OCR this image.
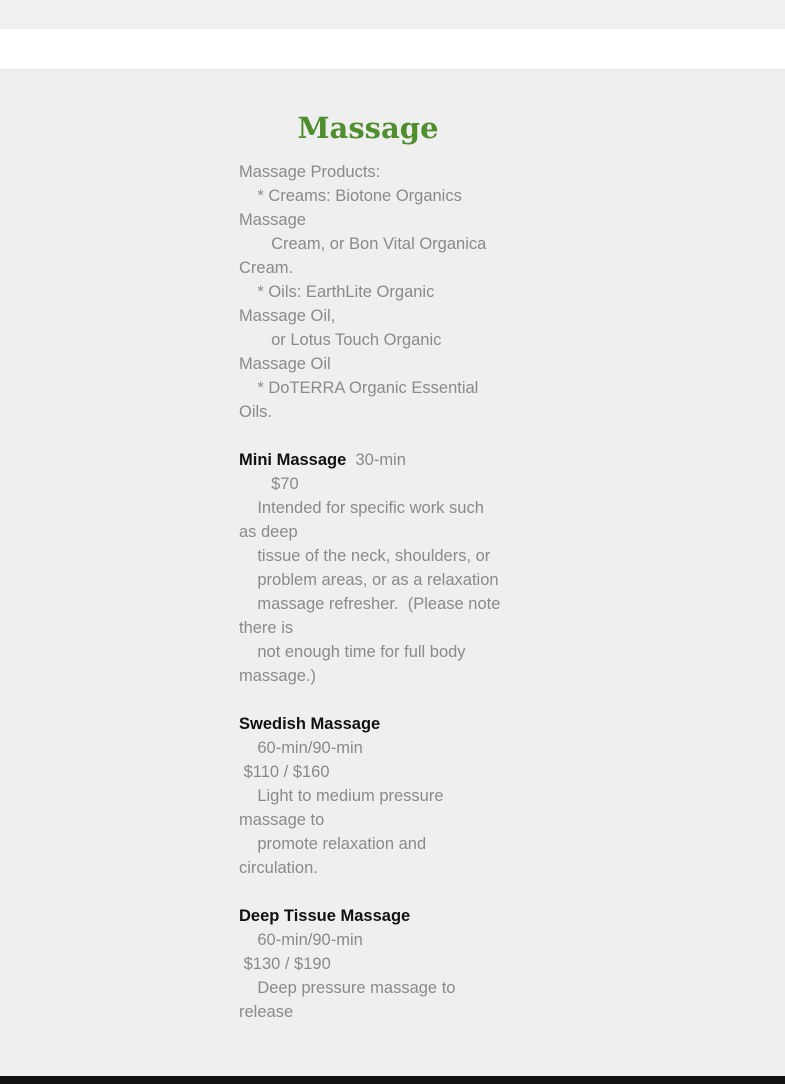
Massage
Massage Products:
* Creams: Biotone Organics Massage
Cream, or Bon Vital Organica Cream.
* Oils: EarthLite Organic Massage Oil,
or Lotus Touch Organic Massage Oil
* DoTERRA Organic Essential Oils.
Mini Massage 30-min
$70
Intended for specific work such as deep
tissue of the neck, shoulders, or
problem areas, or as a relaxation
massage refresher.  (Please note there is
not enough time for full body massage.)
Swedish Massage
60-min/90-min
$110 / $160
Light to medium pressure massage to
promote relaxation and circulation.
Deep Tissue Massage
60-min/90-min
$130 / $190
Deep pressure massage to release
